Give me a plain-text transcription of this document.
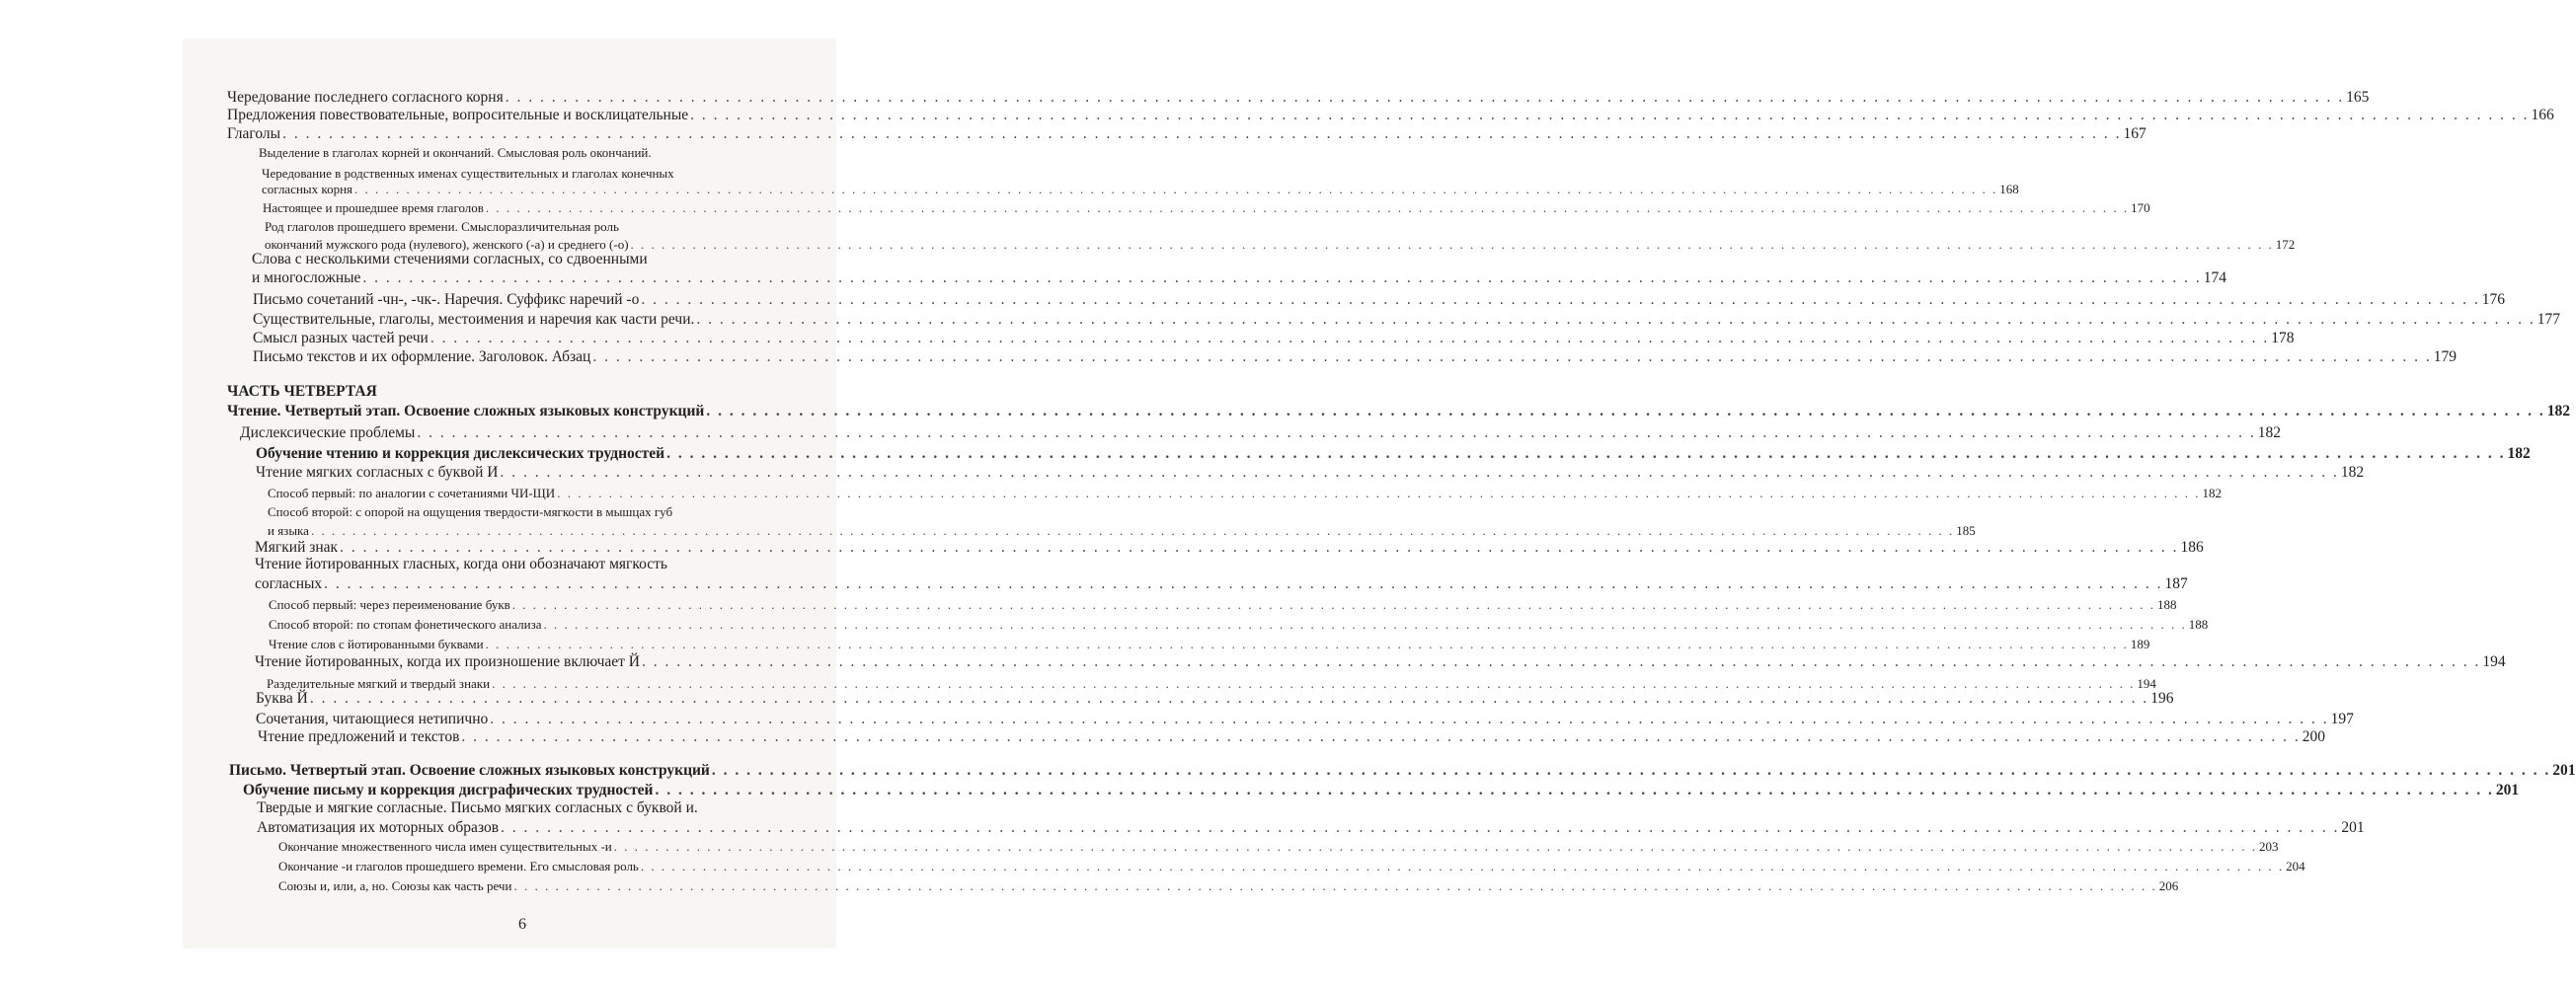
Чередование последнего согласного корня . . .	165
Предложения повествовательные, вопросительные и восклицательные . . .	166
Глаголы . . .	167
Выделение в глаголах корней и окончаний. Смысловая роль окончаний.
Чередование в родственных именах существительных и глаголах конечных
согласных корня . . .	168
Настоящее и прошедшее время глаголов . . .	170
Род глаголов прошедшего времени. Смыслоразличительная роль
окончаний мужского рода (нулевого), женского (-а) и среднего (-о) . . .	172
Слова с несколькими стечениями согласных, со сдвоенными
и многосложные . . .	174
Письмо сочетаний -чн-, -чк-. Наречия. Суффикс наречий -о . . .	176
Существительные, глаголы, местоимения и наречия как части речи. . . .	177
Смысл разных частей речи . . .	178
Письмо текстов и их оформление. Заголовок. Абзац . . .	179
ЧАСТЬ ЧЕТВЕРТАЯ
Чтение. Четвертый этап. Освоение сложных языковых конструкций . . .	182
Дислексические проблемы . . .	182
Обучение чтению и коррекция дислексических трудностей . . .	182
Чтение мягких согласных с буквой И . . .	182
Способ первый: по аналогии с сочетаниями ЧИ-ЩИ . . .	182
Способ второй: с опорой на ощущения твердости-мягкости в мышцах губ
и языка . . .	185
Мягкий знак . . .	186
Чтение йотированных гласных, когда они обозначают мягкость
согласных . . .	187
Способ первый: через переименование букв . . .	188
Способ второй: по стопам фонетического анализа . . .	188
Чтение слов с йотированными буквами . . .	189
Чтение йотированных, когда их произношение включает Й . . .	194
Разделительные мягкий и твердый знаки . . .	194
Буква Й . . .	196
Сочетания, читающиеся нетипично . . .	197
Чтение предложений и текстов . . .	200
Письмо. Четвертый этап. Освоение сложных языковых конструкций . . .	201
Обучение письму и коррекция дисграфических трудностей . . .	201
Твердые и мягкие согласные. Письмо мягких согласных с буквой и.
Автоматизация их моторных образов . . .	201
Окончание множественного числа имен существительных -и . . .	203
Окончание -и глаголов прошедшего времени. Его смысловая роль . . .	204
Союзы и, или, а, но. Союзы как часть речи . . .	206
6
